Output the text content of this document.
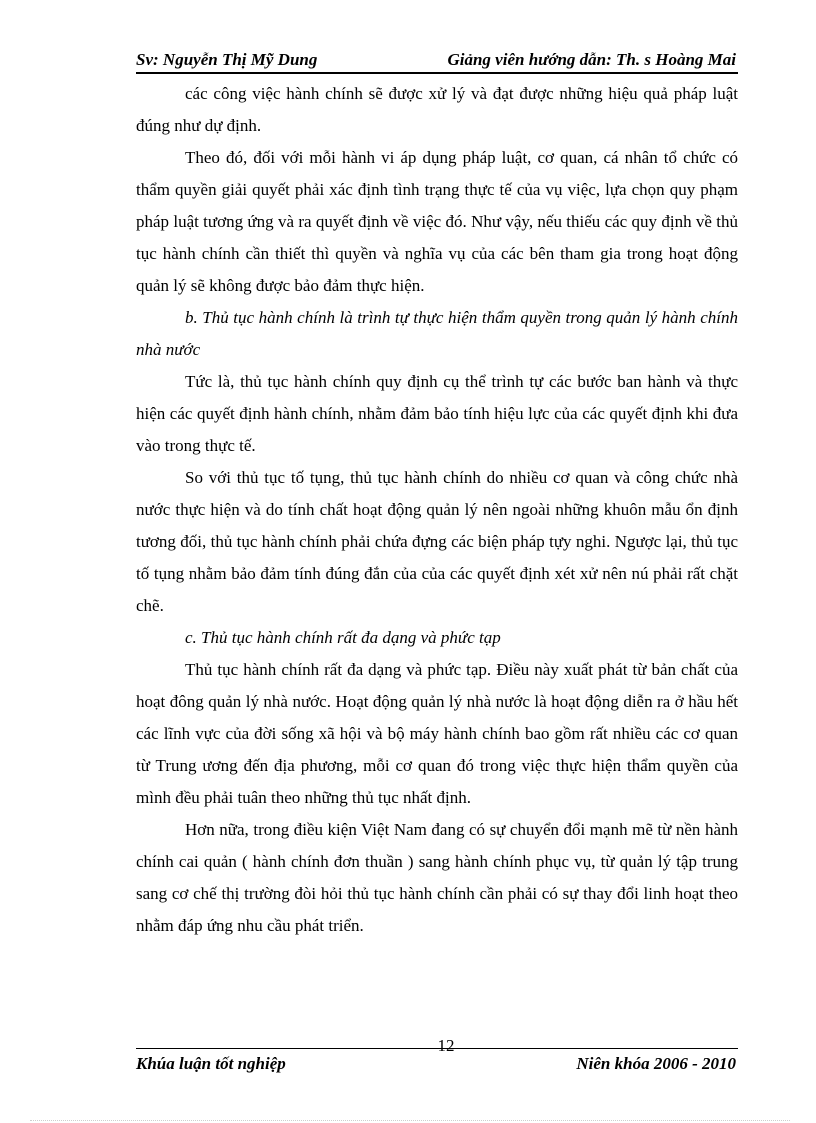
Sv: Nguyễn Thị Mỹ Dung	Giảng viên hướng dẫn: Th. s Hoàng Mai

các công việc hành chính sẽ được xử lý và đạt được những hiệu quả pháp luật đúng như dự định.

Theo đó, đối với mỗi hành vi áp dụng pháp luật, cơ quan, cá nhân tổ chức có thẩm quyền giải quyết phải xác định tình trạng thực tế của vụ việc, lựa chọn quy phạm pháp luật tương ứng và ra quyết định về việc đó. Như vậy, nếu thiếu các quy định về thủ tục hành chính cần thiết thì quyền và nghĩa vụ của các bên tham gia trong hoạt động quản lý sẽ không được bảo đảm thực hiện.

b. Thủ tục hành chính là trình tự thực hiện thẩm quyền trong quản lý hành chính nhà nước

Tức là, thủ tục hành chính quy định cụ thể trình tự các bước ban hành và thực hiện các quyết định hành chính, nhằm đảm bảo tính hiệu lực của các quyết định khi đưa vào trong thực tế.

So với thủ tục tố tụng, thủ tục hành chính do nhiều cơ quan và công chức nhà nước thực hiện và do tính chất hoạt động quản lý nên ngoài những khuôn mẫu ổn định tương đối, thủ tục hành chính phải chứa đựng các biện pháp tựy nghi. Ngược lại, thủ tục tố tụng nhằm bảo đảm tính đúng đắn của của các quyết định xét xử nên nú phải rất chặt chẽ.

c. Thủ tục hành chính rất đa dạng và phức tạp

Thủ tục hành chính rất đa dạng và phức tạp. Điều này xuất phát từ bản chất của hoạt đông quản lý nhà nước. Hoạt động quản lý nhà nước là hoạt động diễn ra ở hầu hết các lĩnh vực của đời sống xã hội và bộ máy hành chính bao gồm rất nhiều các cơ quan từ Trung ương đến địa phương, mỗi cơ quan đó trong việc thực hiện thẩm quyền của mình đều phải tuân theo những thủ tục nhất định.

Hơn nữa, trong điều kiện Việt Nam đang có sự chuyển đổi mạnh mẽ từ nền hành chính cai quản ( hành chính đơn thuần ) sang hành chính phục vụ, từ quản lý tập trung sang cơ chế thị trường đòi hỏi thủ tục hành chính cần phải có sự thay đổi linh hoạt theo nhằm đáp ứng nhu cầu phát triển.

12
Khúa luận tốt nghiệp	Niên khóa 2006 - 2010
